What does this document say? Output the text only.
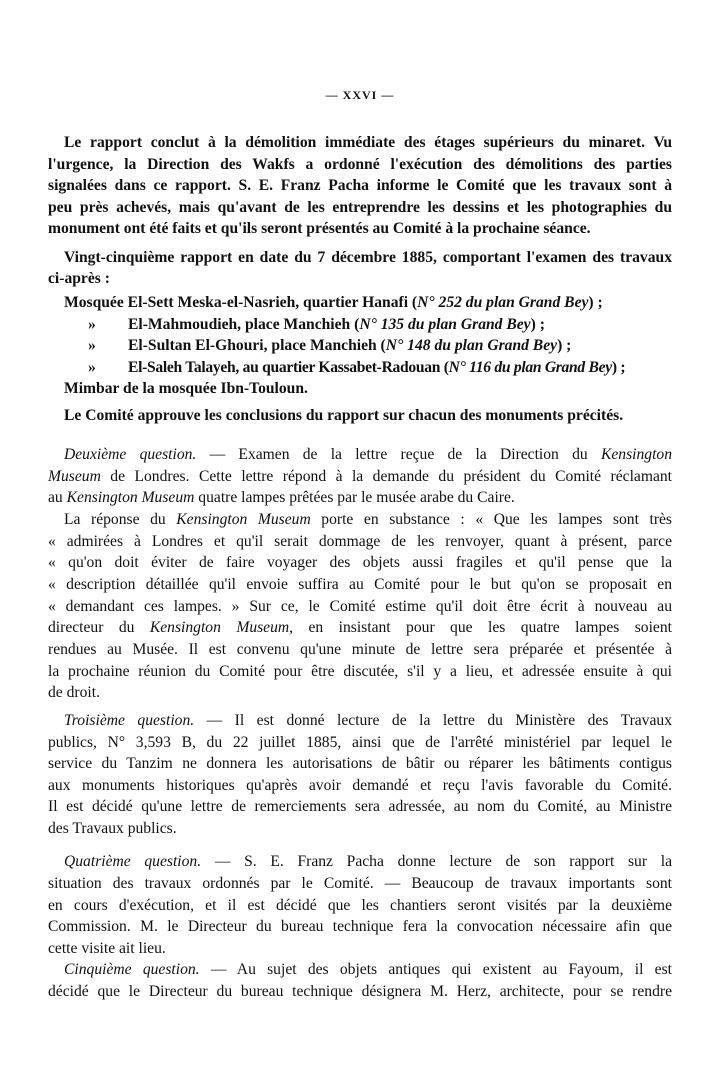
— XXVI —
Le rapport conclut à la démolition immédiate des étages supérieurs du minaret. Vu
l'urgence, la Direction des Wakfs a ordonné l'exécution des démolitions des parties
signalées dans ce rapport. S. E. Franz Pacha informe le Comité que les travaux sont à
peu près achevés, mais qu'avant de les entreprendre les dessins et les photographies du
monument ont été faits et qu'ils seront présentés au Comité à la prochaine séance.
Vingt-cinquième rapport en date du 7 décembre 1885, comportant l'examen des travaux
ci-après :
Mosquée El-Sett Meska-el-Nasrieh, quartier Hanafi (N° 252 du plan Grand Bey) ;
» El-Mahmoudieh, place Manchieh (N° 135 du plan Grand Bey) ;
» El-Sultan El-Ghouri, place Manchieh (N° 148 du plan Grand Bey) ;
» El-Saleh Talayeh, au quartier Kassabet-Radouan (N° 116 du plan Grand Bey) ;
Mimbar de la mosquée Ibn-Touloun.
Le Comité approuve les conclusions du rapport sur chacun des monuments précités.
Deuxième question. — Examen de la lettre reçue de la Direction du Kensington
Museum de Londres. Cette lettre répond à la demande du président du Comité réclamant
au Kensington Museum quatre lampes prêtées par le musée arabe du Caire.
La réponse du Kensington Museum porte en substance : « Que les lampes sont très
« admirées à Londres et qu'il serait dommage de les renvoyer, quant à présent, parce
« qu'on doit éviter de faire voyager des objets aussi fragiles et qu'il pense que la
« description détaillée qu'il envoie suffira au Comité pour le but qu'on se proposait en
« demandant ces lampes. » Sur ce, le Comité estime qu'il doit être écrit à nouveau au
directeur du Kensington Museum, en insistant pour que les quatre lampes soient
rendues au Musée. Il est convenu qu'une minute de lettre sera préparée et présentée à
la prochaine réunion du Comité pour être discutée, s'il y a lieu, et adressée ensuite à qui
de droit.
Troisième question. — Il est donné lecture de la lettre du Ministère des Travaux
publics, N° 3,593 B, du 22 juillet 1885, ainsi que de l'arrêté ministériel par lequel le
service du Tanzim ne donnera les autorisations de bâtir ou réparer les bâtiments contigus
aux monuments historiques qu'après avoir demandé et reçu l'avis favorable du Comité.
Il est décidé qu'une lettre de remerciements sera adressée, au nom du Comité, au Ministre
des Travaux publics.
Quatrième question. — S. E. Franz Pacha donne lecture de son rapport sur la
situation des travaux ordonnés par le Comité. — Beaucoup de travaux importants sont
en cours d'exécution, et il est décidé que les chantiers seront visités par la deuxième
Commission. M. le Directeur du bureau technique fera la convocation nécessaire afin que
cette visite ait lieu.
Cinquième question. — Au sujet des objets antiques qui existent au Fayoum, il est
décidé que le Directeur du bureau technique désignera M. Herz, architecte, pour se rendre
